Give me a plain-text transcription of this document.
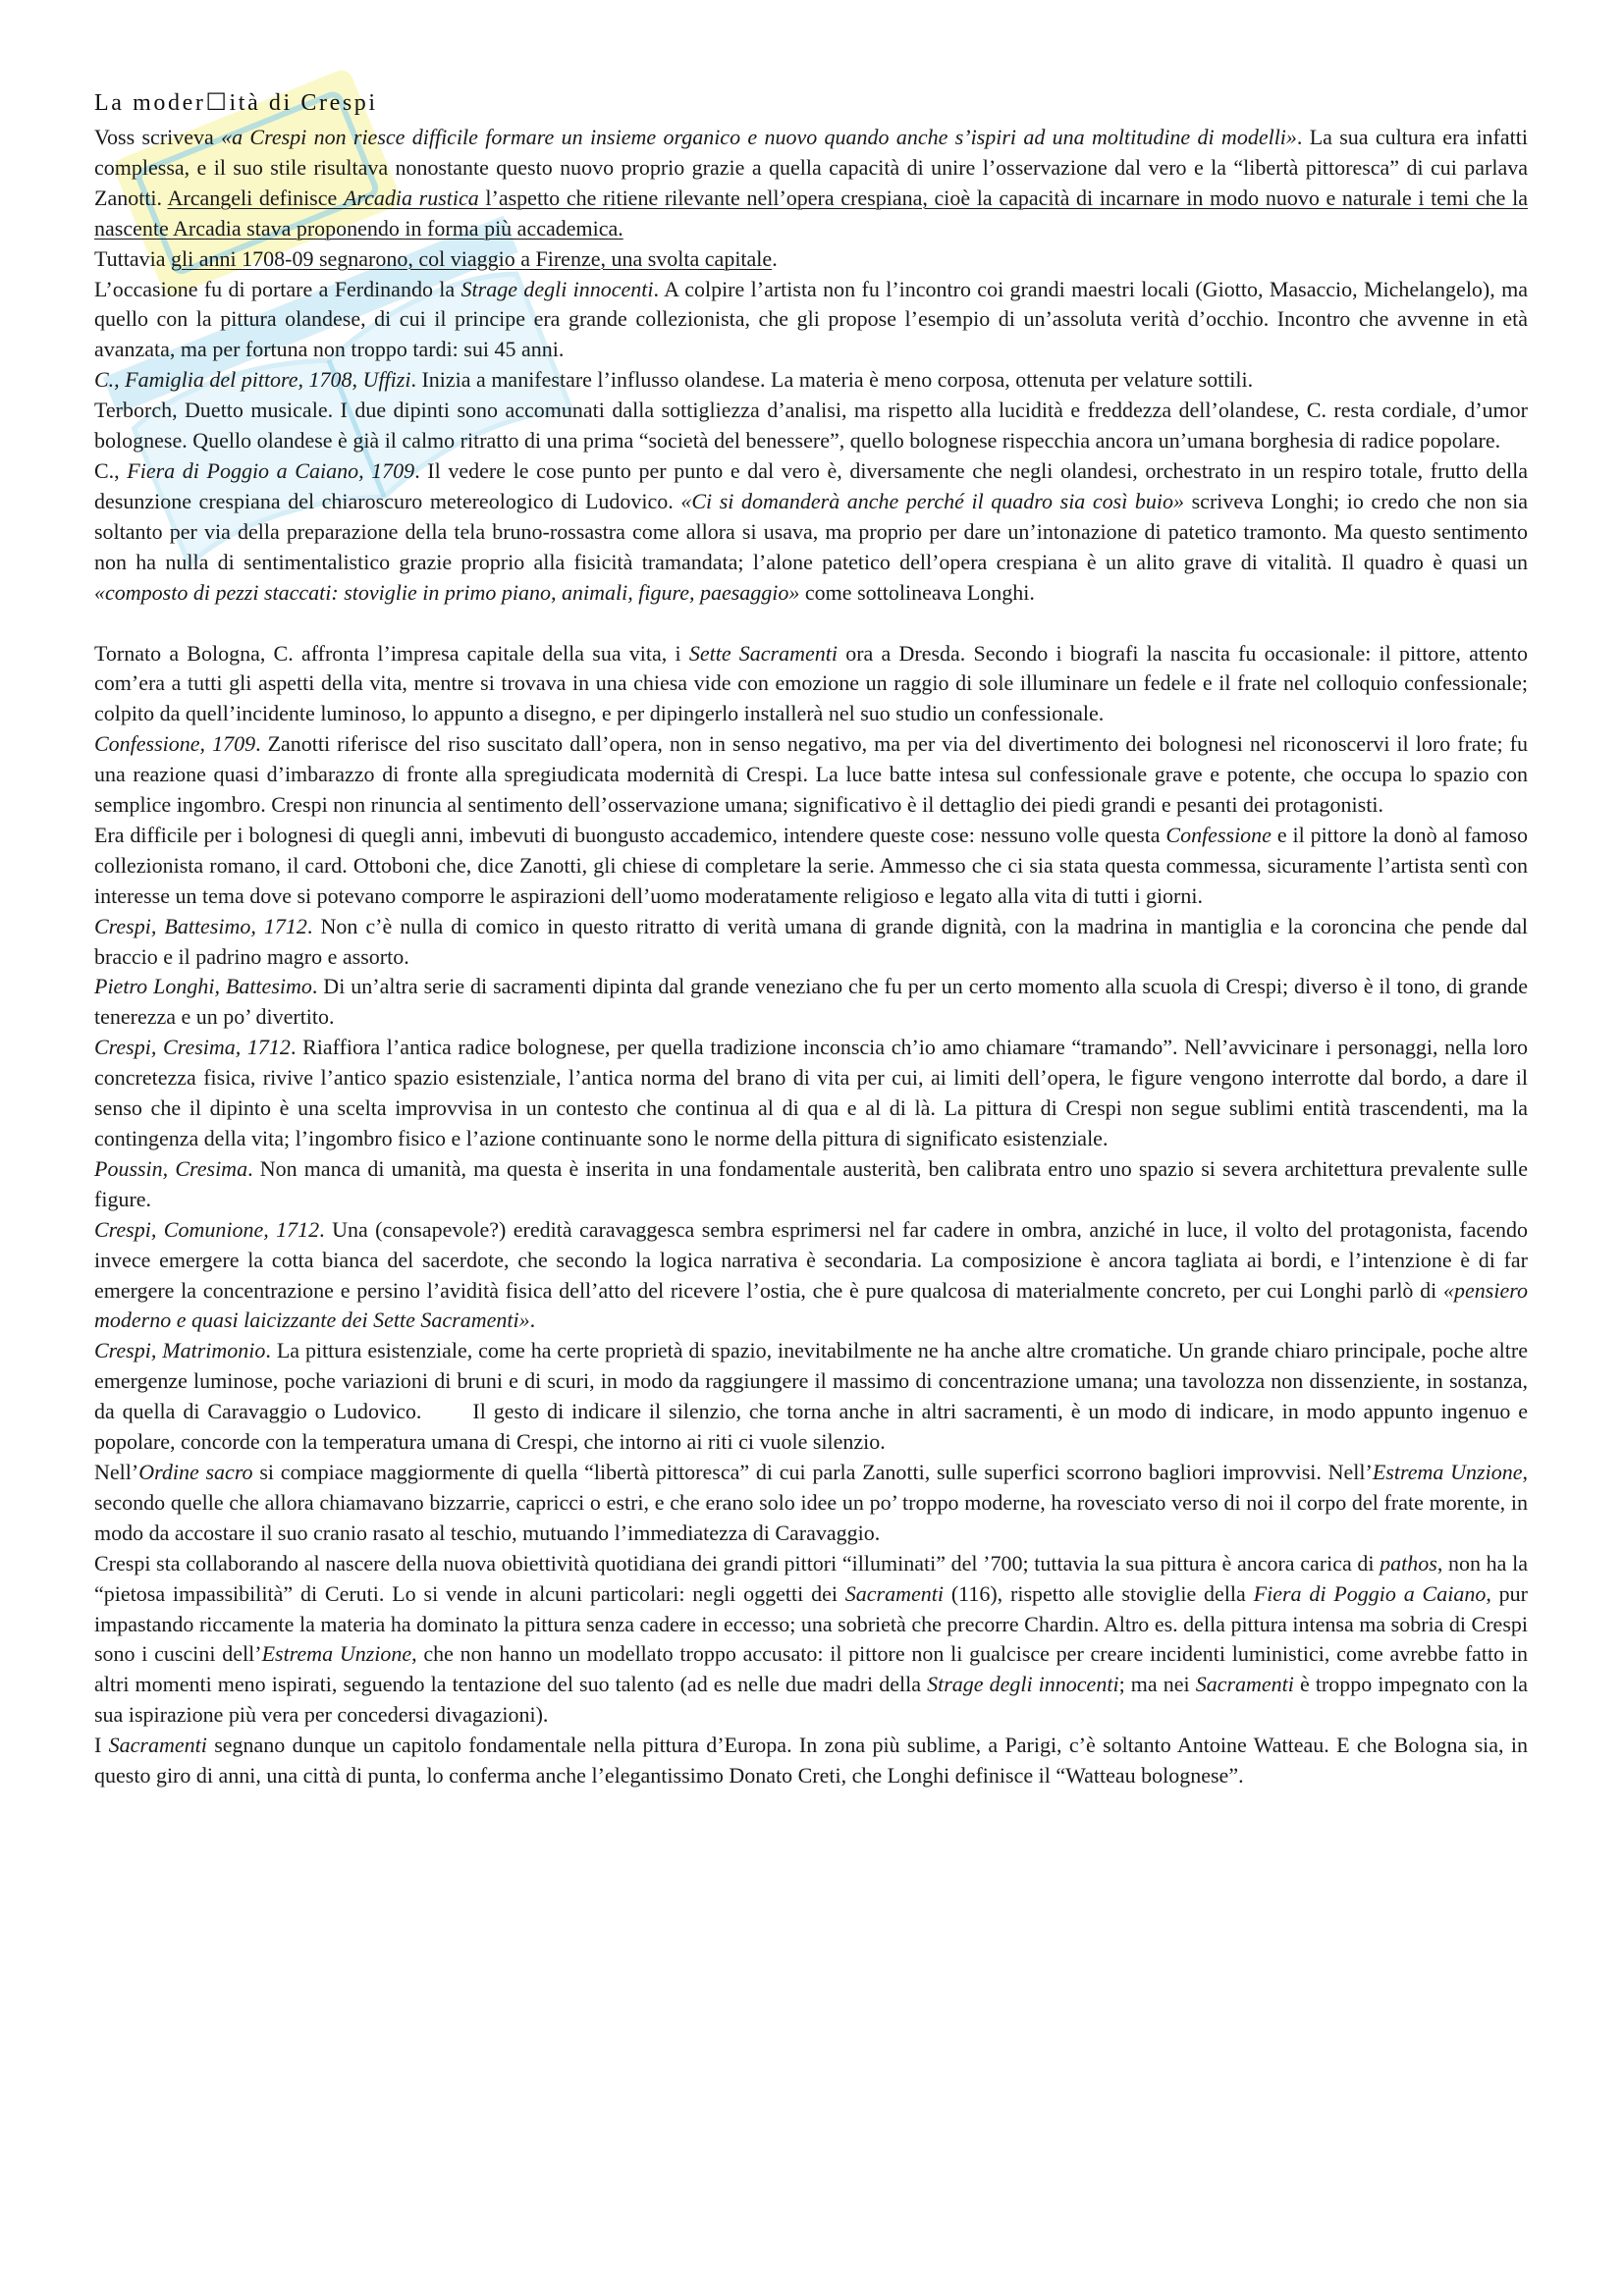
La moder☐ità di Crespi

Voss scriveva «a Crespi non riesce difficile formare un insieme organico e nuovo quando anche s’ispiri ad una moltitudine di modelli». La sua cultura era infatti complessa, e il suo stile risultava nonostante questo nuovo proprio grazie a quella capacità di unire l’osservazione dal vero e la “libertà pittoresca” di cui parlava Zanotti. Arcangeli definisce Arcadia rustica l’aspetto che ritiene rilevante nell’opera crespiana, cioè la capacità di incarnare in modo nuovo e naturale i temi che la nascente Arcadia stava proponendo in forma più accademica.

Tuttavia gli anni 1708-09 segnarono, col viaggio a Firenze, una svolta capitale.

L’occasione fu di portare a Ferdinando la Strage degli innocenti. A colpire l’artista non fu l’incontro coi grandi maestri locali (Giotto, Masaccio, Michelangelo), ma quello con la pittura olandese, di cui il principe era grande collezionista, che gli propose l’esempio di un’assoluta verità d’occhio. Incontro che avvenne in età avanzata, ma per fortuna non troppo tardi: sui 45 anni.

C., Famiglia del pittore, 1708, Uffizi. Inizia a manifestare l’influsso olandese. La materia è meno corposa, ottenuta per velature sottili.

Terborch, Duetto musicale. I due dipinti sono accomunati dalla sottigliezza d’analisi, ma rispetto alla lucidità e freddezza dell’olandese, C. resta cordiale, d’umor bolognese. Quello olandese è già il calmo ritratto di una prima “società del benessere”, quello bolognese rispecchia ancora un’umana borghesia di radice popolare.

C., Fiera di Poggio a Caiano, 1709. Il vedere le cose punto per punto e dal vero è, diversamente che negli olandesi, orchestrato in un respiro totale, frutto della desunzione crespiana del chiaroscuro metereologico di Ludovico. «Ci si domanderà anche perché il quadro sia così buio» scriveva Longhi; io credo che non sia soltanto per via della preparazione della tela bruno-rossastra come allora si usava, ma proprio per dare un’intonazione di patetico tramonto. Ma questo sentimento non ha nulla di sentimentalistico grazie proprio alla fisicità tramandata; l’alone patetico dell’opera crespiana è un alito grave di vitalità. Il quadro è quasi un «composto di pezzi staccati: stoviglie in primo piano, animali, figure, paesaggio» come sottolineava Longhi.

Tornato a Bologna, C. affronta l’impresa capitale della sua vita, i Sette Sacramenti ora a Dresda. Secondo i biografi la nascita fu occasionale: il pittore, attento com’era a tutti gli aspetti della vita, mentre si trovava in una chiesa vide con emozione un raggio di sole illuminare un fedele e il frate nel colloquio confessionale; colpito da quell’incidente luminoso, lo appunto a disegno, e per dipingerlo installerà nel suo studio un confessionale.

Confessione, 1709. Zanotti riferisce del riso suscitato dall’opera, non in senso negativo, ma per via del divertimento dei bolognesi nel riconoscervi il loro frate; fu una reazione quasi d’imbarazzo di fronte alla spregiudicata modernità di Crespi. La luce batte intesa sul confessionale grave e potente, che occupa lo spazio con semplice ingombro. Crespi non rinuncia al sentimento dell’osservazione umana; significativo è il dettaglio dei piedi grandi e pesanti dei protagonisti.

Era difficile per i bolognesi di quegli anni, imbevuti di buongusto accademico, intendere queste cose: nessuno volle questa Confessione e il pittore la donò al famoso collezionista romano, il card. Ottoboni che, dice Zanotti, gli chiese di completare la serie. Ammesso che ci sia stata questa commessa, sicuramente l’artista sentì con interesse un tema dove si potevano comporre le aspirazioni dell’uomo moderatamente religioso e legato alla vita di tutti i giorni.

Crespi, Battesimo, 1712. Non c’è nulla di comico in questo ritratto di verità umana di grande dignità, con la madrina in mantiglia e la coroncina che pende dal braccio e il padrino magro e assorto.

Pietro Longhi, Battesimo. Di un’altra serie di sacramenti dipinta dal grande veneziano che fu per un certo momento alla scuola di Crespi; diverso è il tono, di grande tenerezza e un po’ divertito.

Crespi, Cresima, 1712. Riaffiora l’antica radice bolognese, per quella tradizione inconscia ch’io amo chiamare “tramando”. Nell’avvicinare i personaggi, nella loro concretezza fisica, rivive l’antico spazio esistenziale, l’antica norma del brano di vita per cui, ai limiti dell’opera, le figure vengono interrotte dal bordo, a dare il senso che il dipinto è una scelta improvvisa in un contesto che continua al di qua e al di là. La pittura di Crespi non segue sublimi entità trascendenti, ma la contingenza della vita; l’ingombro fisico e l’azione continuante sono le norme della pittura di significato esistenziale.

Poussin, Cresima. Non manca di umanità, ma questa è inserita in una fondamentale austerità, ben calibrata entro uno spazio si severa architettura prevalente sulle figure.

Crespi, Comunione, 1712. Una (consapevole?) eredità caravaggesca sembra esprimersi nel far cadere in ombra, anziché in luce, il volto del protagonista, facendo invece emergere la cotta bianca del sacerdote, che secondo la logica narrativa è secondaria. La composizione è ancora tagliata ai bordi, e l’intenzione è di far emergere la concentrazione e persino l’avidità fisica dell’atto del ricevere l’ostia, che è pure qualcosa di materialmente concreto, per cui Longhi parlò di «pensiero moderno e quasi laicizzante dei Sette Sacramenti».

Crespi, Matrimonio. La pittura esistenziale, come ha certe proprietà di spazio, inevitabilmente ne ha anche altre cromatiche. Un grande chiaro principale, poche altre emergenze luminose, poche variazioni di bruni e di scuri, in modo da raggiungere il massimo di concentrazione umana; una tavolozza non dissenziente, in sostanza, da quella di Caravaggio o Ludovico. Il gesto di indicare il silenzio, che torna anche in altri sacramenti, è un modo di indicare, in modo appunto ingenuo e popolare, concorde con la temperatura umana di Crespi, che intorno ai riti ci vuole silenzio.

Nell’Ordine sacro si compiace maggiormente di quella “libertà pittoresca” di cui parla Zanotti, sulle superfici scorrono bagliori improvvisi. Nell’Estrema Unzione, secondo quelle che allora chiamavano bizzarrie, capricci o estri, e che erano solo idee un po’ troppo moderne, ha rovesciato verso di noi il corpo del frate morente, in modo da accostare il suo cranio rasato al teschio, mutuando l’immediatezza di Caravaggio.

Crespi sta collaborando al nascere della nuova obiettività quotidiana dei grandi pittori “illuminati” del ’700; tuttavia la sua pittura è ancora carica di pathos, non ha la “pietosa impassibilità” di Ceruti. Lo si vende in alcuni particolari: negli oggetti dei Sacramenti (116), rispetto alle stoviglie della Fiera di Poggio a Caiano, pur impastando riccamente la materia ha dominato la pittura senza cadere in eccesso; una sobrietà che precorre Chardin. Altro es. della pittura intensa ma sobria di Crespi sono i cuscini dell’Estrema Unzione, che non hanno un modellato troppo accusato: il pittore non li gualcisce per creare incidenti luministici, come avrebbe fatto in altri momenti meno ispirati, seguendo la tentazione del suo talento (ad es nelle due madri della Strage degli innocenti; ma nei Sacramenti è troppo impegnato con la sua ispirazione più vera per concedersi divagazioni).

I Sacramenti segnano dunque un capitolo fondamentale nella pittura d’Europa. In zona più sublime, a Parigi, c’è soltanto Antoine Watteau. E che Bologna sia, in questo giro di anni, una città di punta, lo conferma anche l’elegantissimo Donato Creti, che Longhi definisce il “Watteau bolognese”.
